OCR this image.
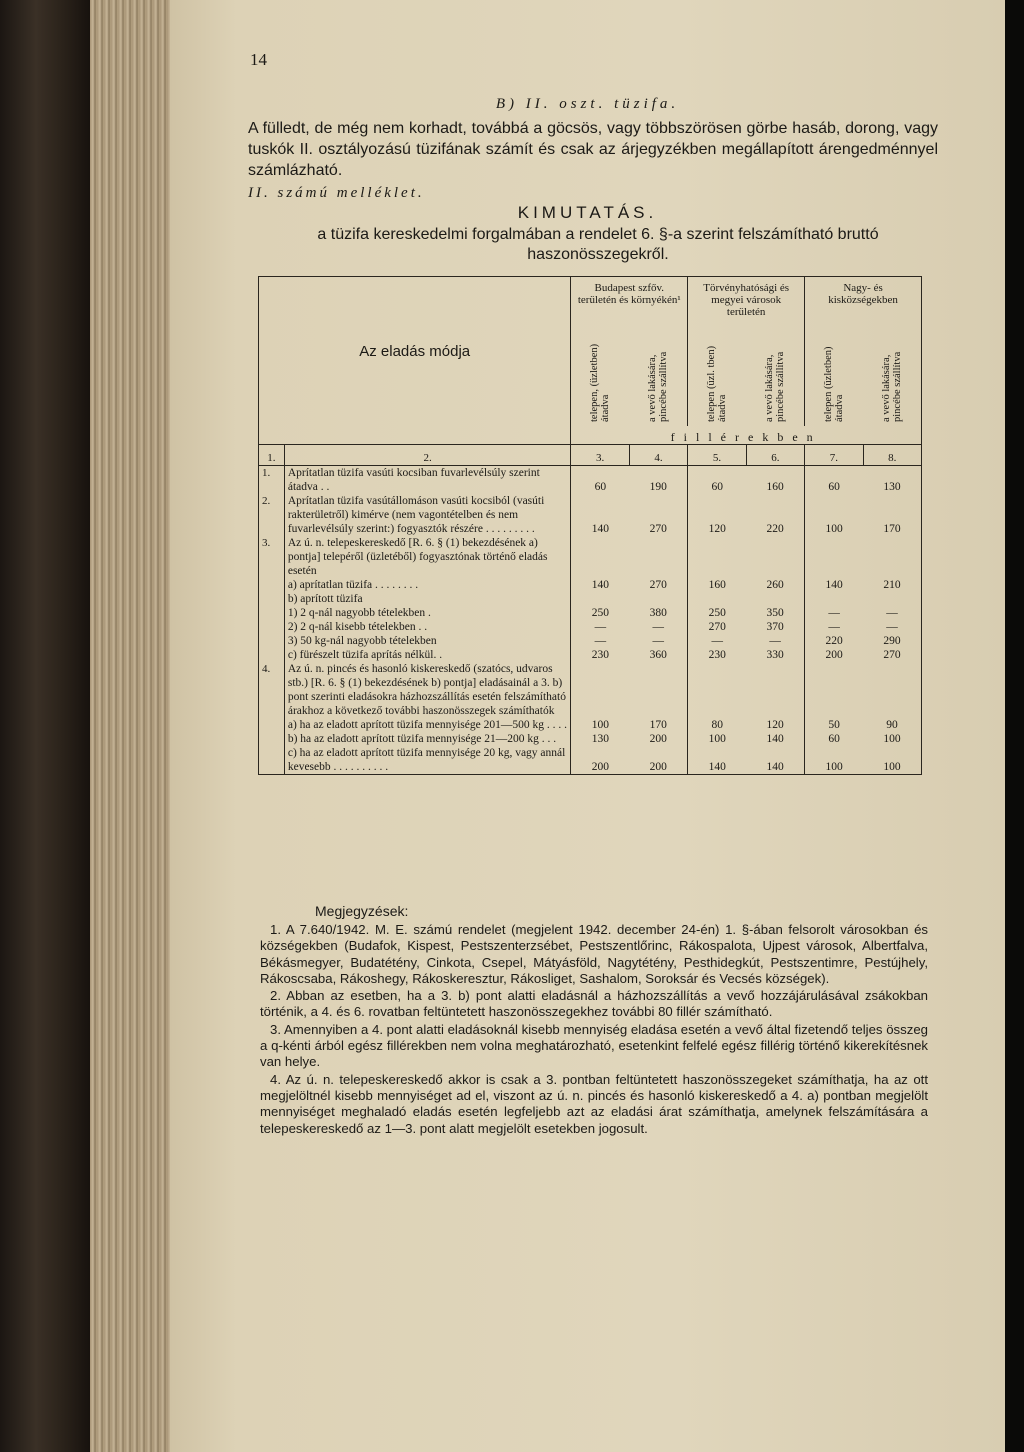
14
B) II. oszt. tüzifa.
A fülledt, de még nem korhadt, továbbá a göcsös, vagy többszörösen görbe hasáb, dorong, vagy tuskók II. osztályozású tüzifának számít és csak az árjegyzékben megállapított árengedménnyel számlázható.
II. számú melléklet.
KIMUTATÁS.
a tüzifa kereskedelmi forgalmában a rendelet 6. §-a szerint felszámítható bruttó haszonösszegekről.
Az eladás módja		Budapest szfőv. területén és környékén¹		Törvényhatósági és megyei városok területén		Nagy- és kisközségekben	
		telepen, (üzletben) átadva	a vevő lakására, pincébe szállítva	telepen (üzl. tben) átadva	a vevő lakására, pincébe szállítva	telepen (üzletben) átadva	a vevő lakására, pincébe szállítva
		fillérekben					
1.	2.	3.	4.	5.	6.	7.	8.
1.	Aprítatlan tüzifa vasúti kocsiban fuvarlevélsúly szerint átadva . .	60	190	60	160	60	130
2.	Aprítatlan tüzifa vasútállomáson vasúti kocsiból (vasúti rakterületről) kimérve (nem vagontételben és nem fuvarlevélsúly szerint:) fogyasztók részére . . . . . . . . .	140	270	120	220	100	170
3.	Az ú. n. telepeskereskedő [R. 6. § (1) bekezdésének a) pontja] telepéről (üzletéből) fogyasztónak történő eladás esetén						
	a) aprítatlan tüzifa . . . . . . . .	140	270	160	260	140	210
	b) aprított tüzifa						
	1) 2 q-nál nagyobb tételekben .	250	380	250	350	—	—
	2) 2 q-nál kisebb tételekben . .	—	—	270	370	—	—
	3) 50 kg-nál nagyobb tételekben	—	—	—	—	220	290
	c) fürészelt tüzifa aprítás nélkül. .	230	360	230	330	200	270
4.	Az ú. n. pincés és hasonló kiskereskedő (szatócs, udvaros stb.) [R. 6. § (1) bekezdésének b) pontja] eladásainál a 3. b) pont szerinti eladásokra házhozszállítás esetén felszámítható árakhoz a következő további haszonösszegek számíthatók						
	a) ha az eladott aprított tüzifa mennyisége 201—500 kg . . . .	100	170	80	120	50	90
	b) ha az eladott aprított tüzifa mennyisége 21—200 kg . . .	130	200	100	140	60	100
	c) ha az eladott aprított tüzifa mennyisége 20 kg, vagy annál kevesebb . . . . . . . . . .	200	200	140	140	100	100
Megjegyzések:

1. A 7.640/1942. M. E. számú rendelet (megjelent 1942. december 24-én) 1. §-ában felsorolt városokban és községekben (Budafok, Kispest, Pestszenterzsébet, Pestszentlőrinc, Rákospalota, Ujpest városok, Albertfalva, Békásmegyer, Budatétény, Cinkota, Csepel, Mátyásföld, Nagytétény, Pesthidegkút, Pestszentimre, Pestújhely, Rákoscsaba, Rákoshegy, Rákoskeresztur, Rákosliget, Sashalom, Soroksár és Vecsés községek).

2. Abban az esetben, ha a 3. b) pont alatti eladásnál a házhozszállítás a vevő hozzájárulásával zsákokban történik, a 4. és 6. rovatban feltüntetett haszonösszegekhez további 80 fillér számítható.

3. Amennyiben a 4. pont alatti eladásoknál kisebb mennyiség eladása esetén a vevő által fizetendő teljes összeg a q-kénti árból egész fillérekben nem volna meghatározható, esetenkint felfelé egész fillérig történő kikerekítésnek van helye.

4. Az ú. n. telepeskereskedő akkor is csak a 3. pontban feltüntetett haszonösszegeket számíthatja, ha az ott megjelöltnél kisebb mennyiséget ad el, viszont az ú. n. pincés és hasonló kiskereskedő a 4. a) pontban megjelölt mennyiséget meghaladó eladás esetén legfeljebb azt az eladási árat számíthatja, amelynek felszámítására a telepeskereskedő az 1—3. pont alatt megjelölt esetekben jogosult.
